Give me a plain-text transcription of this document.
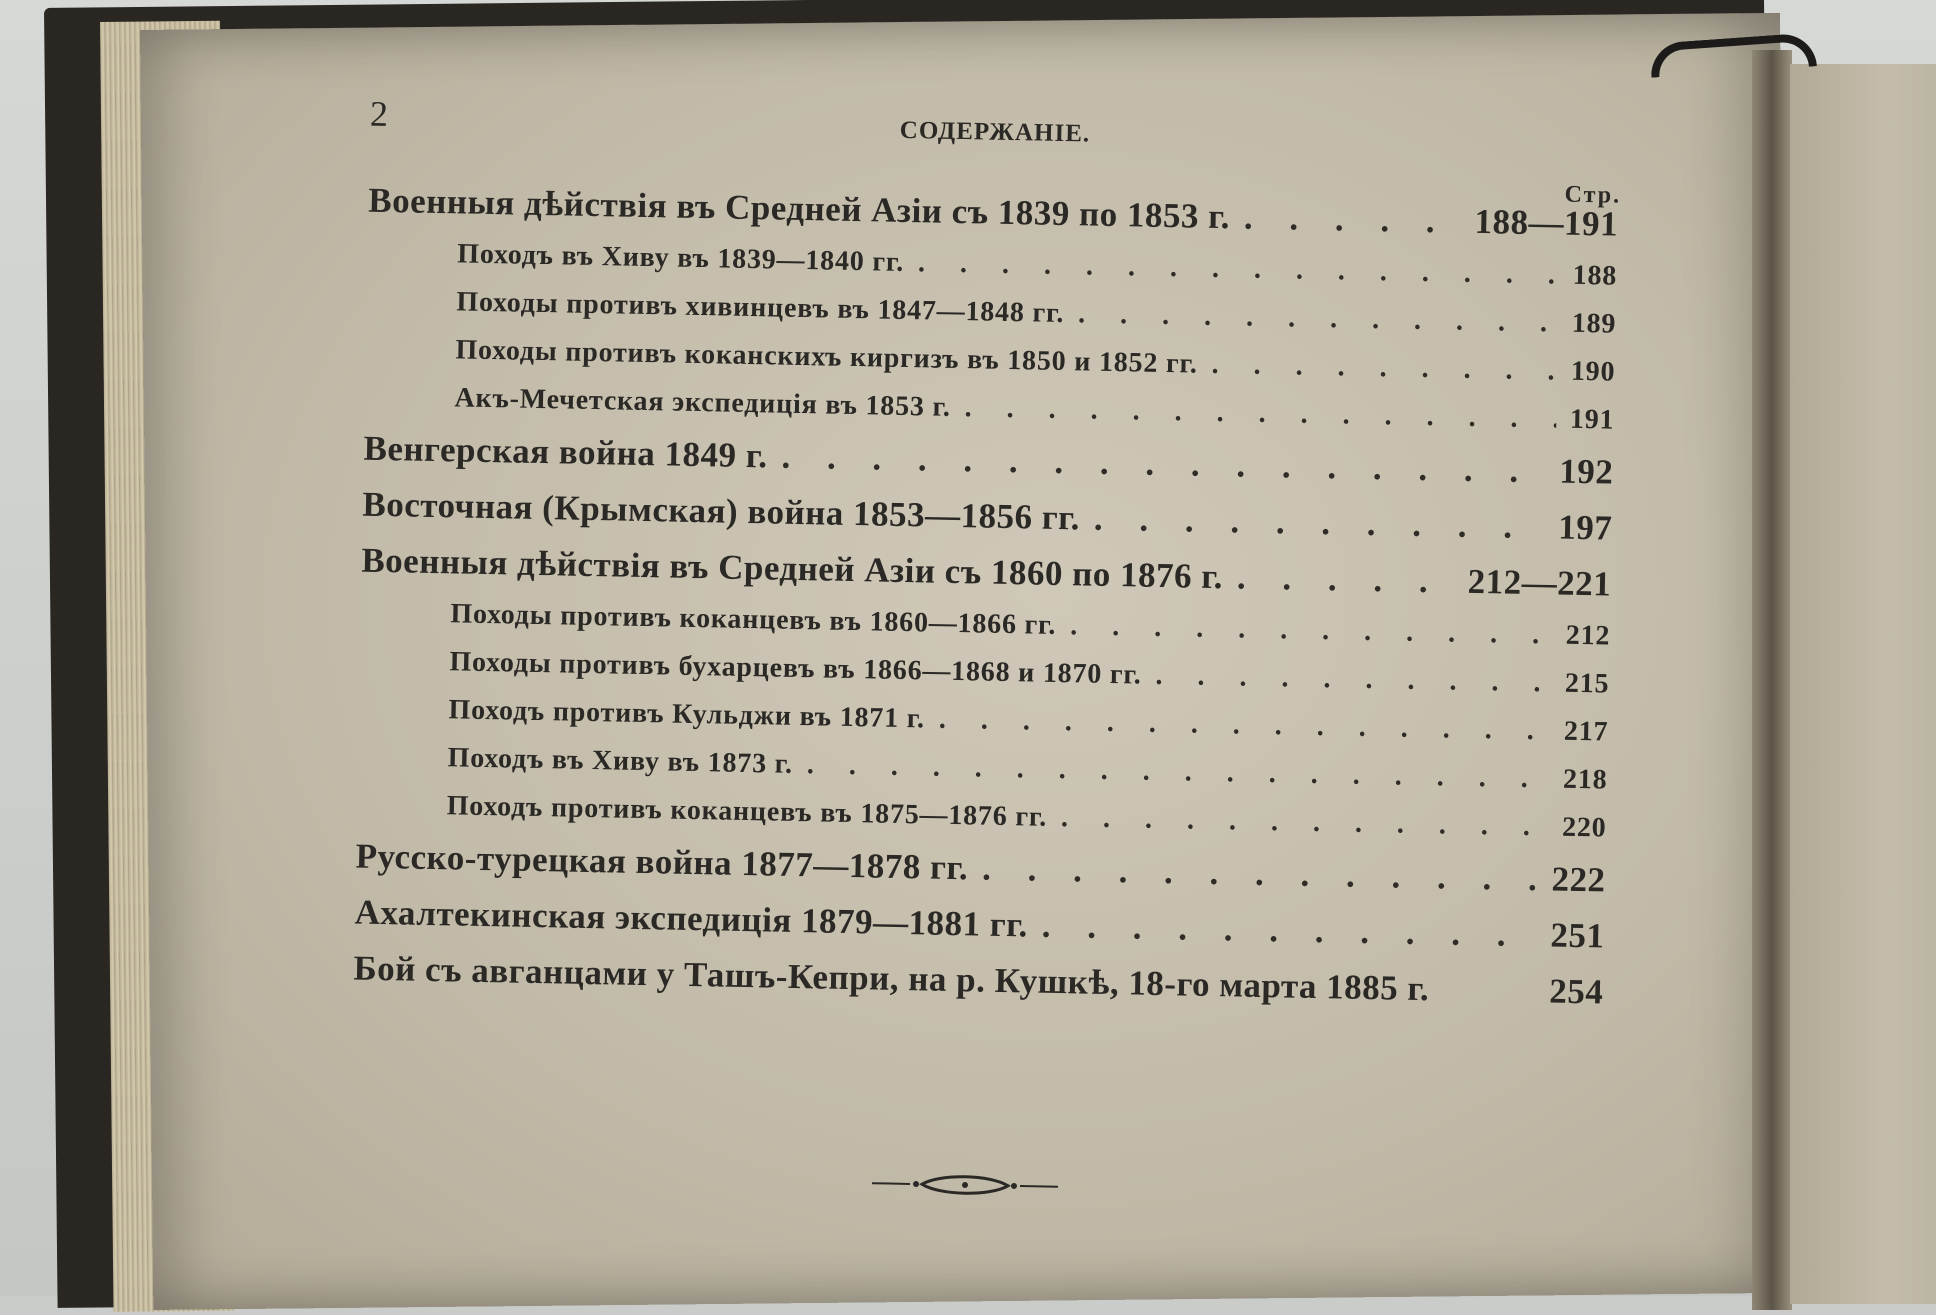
2	СОДЕРЖАНІЕ.
Стр.
Военныя дѣйствія въ Средней Азіи съ 1839 по 1853 г. . . .	188—191
Походъ въ Хиву въ 1839—1840 гг. . . .	188
Походы противъ хивинцевъ въ 1847—1848 гг. . . .	189
Походы противъ коканскихъ киргизъ въ 1850 и 1852 гг. . . .	190
Акъ-Мечетская экспедиція въ 1853 г. . . .	191
Венгерская война 1849 г. . . .	192
Восточная (Крымская) война 1853—1856 гг. . . .	197
Военныя дѣйствія въ Средней Азіи съ 1860 по 1876 г. . . .	212—221
Походы противъ коканцевъ въ 1860—1866 гг. . . .	212
Походы противъ бухарцевъ въ 1866—1868 и 1870 гг. . . .	215
Походъ противъ Кульджи въ 1871 г. . . .	217
Походъ въ Хиву въ 1873 г. . . .	218
Походъ противъ коканцевъ въ 1875—1876 гг. . . .	220
Русско-турецкая война 1877—1878 гг. . . .	222
Ахалтекинская экспедиція 1879—1881 гг. . . .	251
Бой съ авганцами у Ташъ-Кепри, на р. Кушкѣ, 18-го марта 1885 г.	254
